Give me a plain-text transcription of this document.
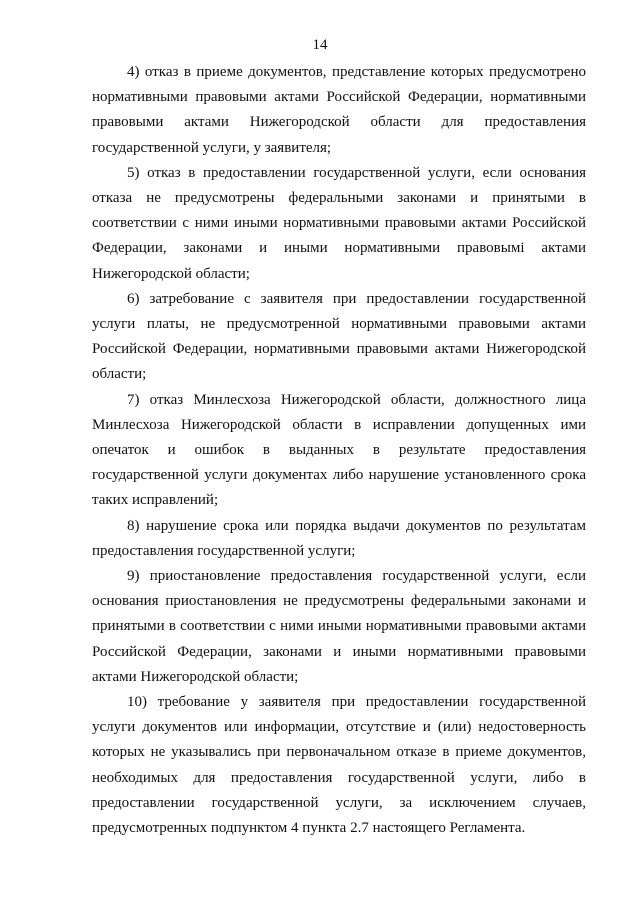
14

4) отказ в приеме документов, представление которых предусмотрено нормативными правовыми актами Российской Федерации, нормативными правовыми актами Нижегородской области для предоставления государственной услуги, у заявителя;

5) отказ в предоставлении государственной услуги, если основания отказа не предусмотрены федеральными законами и принятыми в соответствии с ними иными нормативными правовыми актами Российской Федерации, законами и иными нормативными правовымi актами Нижегородской области;

6) затребование с заявителя при предоставлении государственной услуги платы, не предусмотренной нормативными правовыми актами Российской Федерации, нормативными правовыми актами Нижегородской области;

7) отказ Минлесхоза Нижегородской области, должностного лица Минлесхоза Нижегородской области в исправлении допущенных ими опечаток и ошибок в выданных в результате предоставления государственной услуги документах либо нарушение установленного срока таких исправлений;

8) нарушение срока или порядка выдачи документов по результатам предоставления государственной услуги;

9) приостановление предоставления государственной услуги, если основания приостановления не предусмотрены федеральными законами и принятыми в соответствии с ними иными нормативными правовыми актами Российской Федерации, законами и иными нормативными правовыми актами Нижегородской области;

10) требование у заявителя при предоставлении государственной услуги документов или информации, отсутствие и (или) недостоверность которых не указывались при первоначальном отказе в приеме документов, необходимых для предоставления государственной услуги, либо в предоставлении государственной услуги, за исключением случаев, предусмотренных подпунктом 4 пункта 2.7 настоящего Регламента.
